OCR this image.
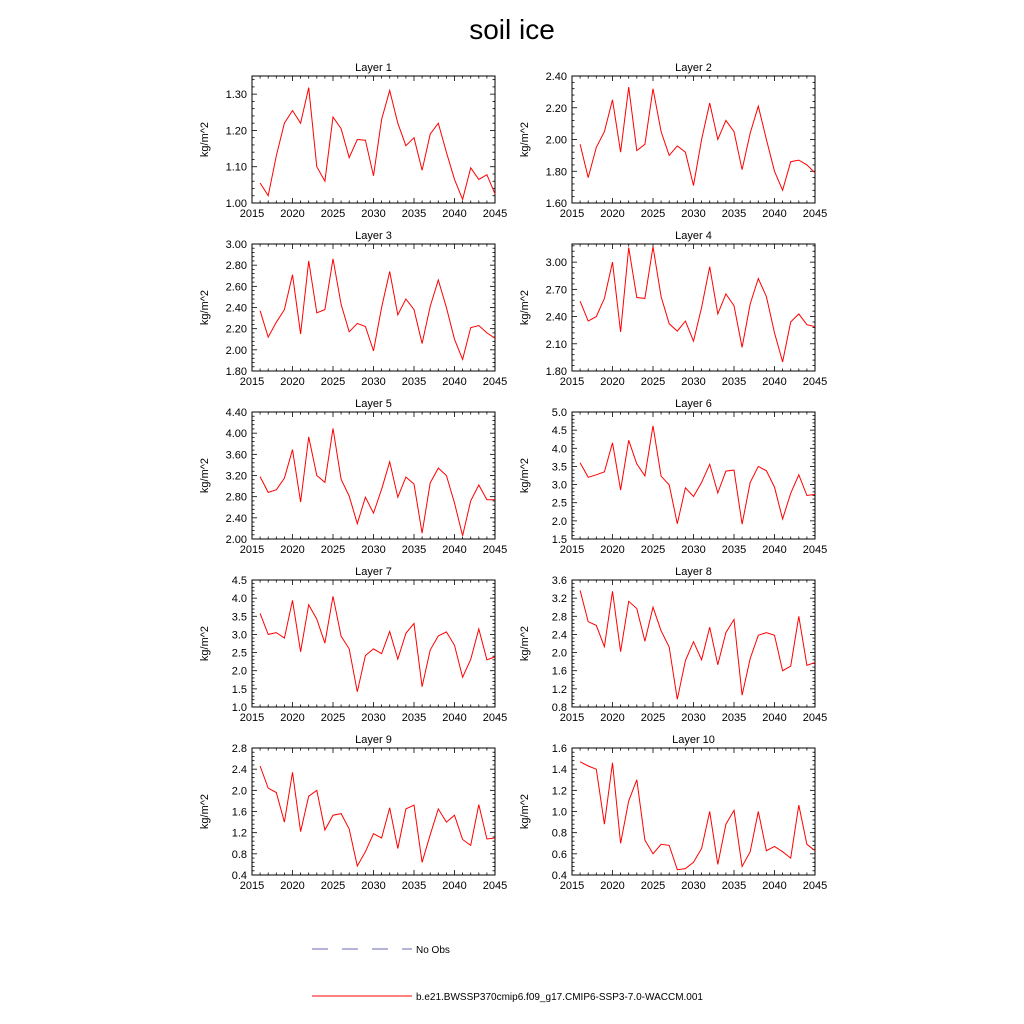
soil ice
Layer 1
kg/m^2
2015 2020 2025 2030 2035 2040 2045
1.00
1.10
1.20
1.30
Layer 2
kg/m^2
2015 2020 2025 2030 2035 2040 2045
1.60
1.80
2.00
2.20
2.40
Layer 3
kg/m^2
2015 2020 2025 2030 2035 2040 2045
1.80
2.00
2.20
2.40
2.60
2.80
3.00
Layer 4
kg/m^2
2015 2020 2025 2030 2035 2040 2045
1.80
2.10
2.40
2.70
3.00
Layer 5
kg/m^2
2015 2020 2025 2030 2035 2040 2045
2.00
2.40
2.80
3.20
3.60
4.00
4.40
Layer 6
kg/m^2
2015 2020 2025 2030 2035 2040 2045
1.5
2.0
2.5
3.0
3.5
4.0
4.5
5.0
Layer 7
kg/m^2
2015 2020 2025 2030 2035 2040 2045
1.0
1.5
2.0
2.5
3.0
3.5
4.0
4.5
Layer 8
kg/m^2
2015 2020 2025 2030 2035 2040 2045
0.8
1.2
1.6
2.0
2.4
2.8
3.2
3.6
Layer 9
kg/m^2
2015 2020 2025 2030 2035 2040 2045
0.4
0.8
1.2
1.6
2.0
2.4
2.8
Layer 10
kg/m^2
2015 2020 2025 2030 2035 2040 2045
0.4
0.6
0.8
1.0
1.2
1.4
1.6
No Obs
b.e21.BWSSP370cmip6.f09_g17.CMIP6-SSP3-7.0-WACCM.001
